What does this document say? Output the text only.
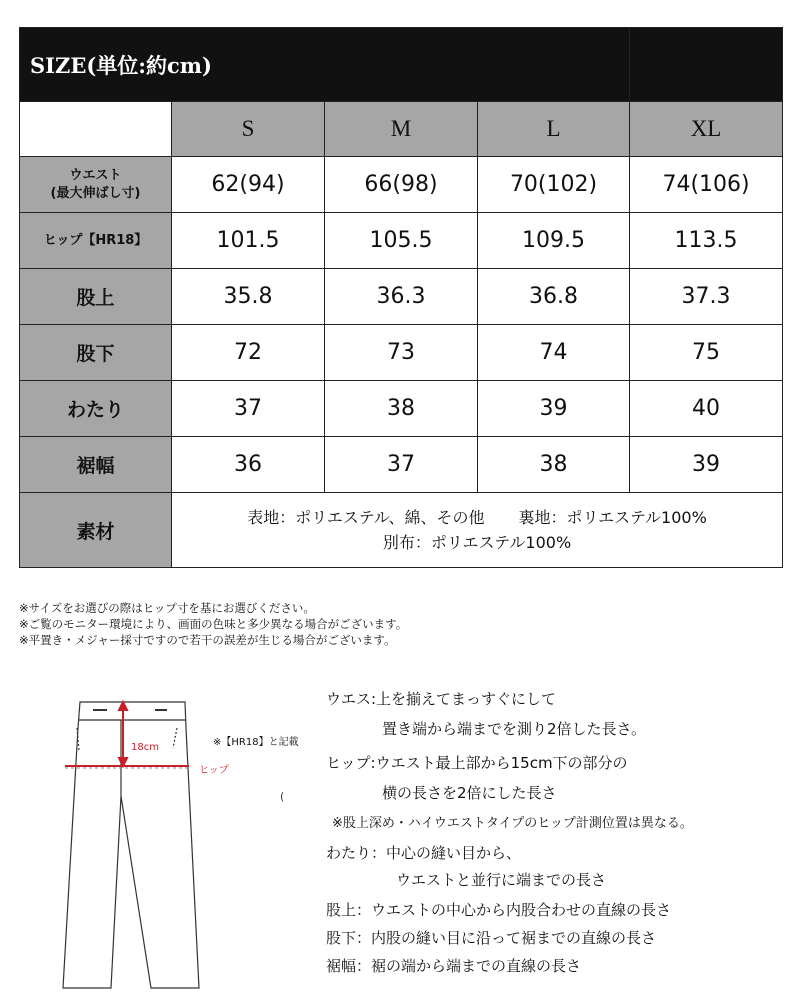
SIZE(単位:約cm)				
	S	M	L	XL

ウエスト
(最大伸ばし寸)	62(94)	66(98)	70(102)	74(106)
ヒップ【HR18】	101.5	105.5	109.5	113.5
股上	35.8	36.3	36.8	37.3
股下	72	73	74	75
わたり	37	38	39	40
裾幅	36	37	38	39
素材	表地：ポリエステル、綿、その他 裏地：ポリエステル100%
別布：ポリエステル100%			
※サイズをお選びの際はヒップ寸を基にお選びください。
※ご覧のモニター環境により、画面の色味と多少異なる場合がございます。
※平置き・メジャー採寸ですので若干の誤差が生じる場合がございます。
18cm	※【HR18】と記載
ヒップ
(
ウエス:上を揃えてまっすぐにして
置き端から端までを測り2倍した長さ。
ヒップ:ウエスト最上部から15cm下の部分の
横の長さを2倍にした長さ
※股上深め・ハイウエストタイプのヒップ計測位置は異なる。
わたり：中心の縫い目から、
ウエストと並行に端までの長さ
股上：ウエストの中心から内股合わせの直線の長さ
股下：内股の縫い目に沿って裾までの直線の長さ
裾幅：裾の端から端までの直線の長さ
